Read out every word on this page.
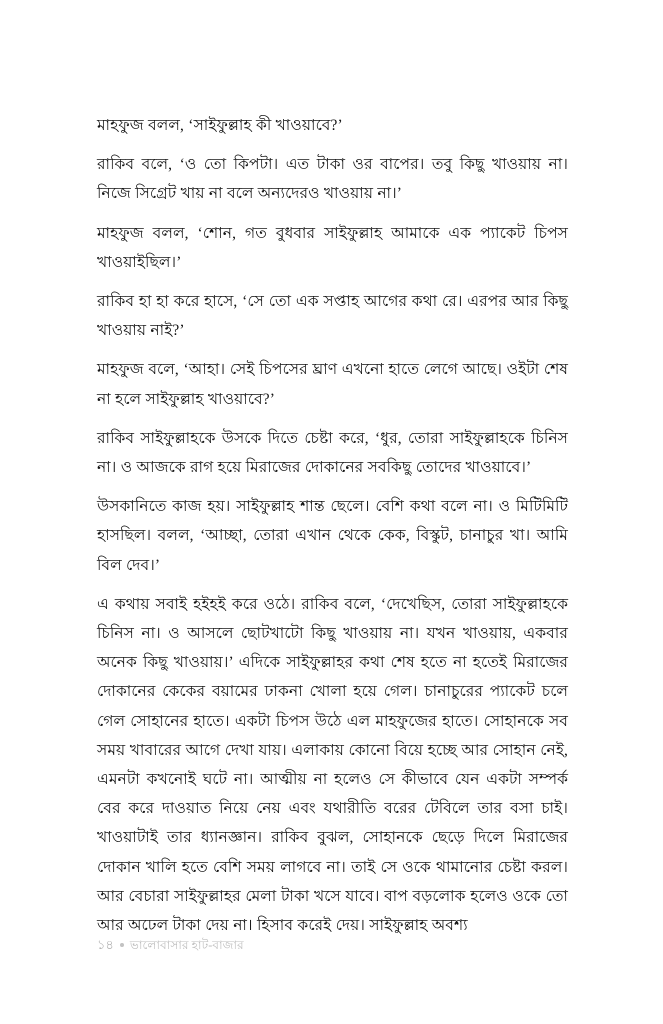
মাহফুজ বলল, ‘সাইফুল্লাহ কী খাওয়াবে?’

রাকিব বলে, ‘ও তো কিপটা। এত টাকা ওর বাপের। তবু কিছু খাওয়ায় না। নিজে সিগ্রেট খায় না বলে অন্যদেরও খাওয়ায় না।’

মাহফুজ বলল, ‘শোন, গত বুধবার সাইফুল্লাহ আমাকে এক প্যাকেট চিপস খাওয়াইছিল।’

রাকিব হা হা করে হাসে, ‘সে তো এক সপ্তাহ আগের কথা রে। এরপর আর কিছু খাওয়ায় নাই?’

মাহফুজ বলে, ‘আহা। সেই চিপসের ঘ্রাণ এখনো হাতে লেগে আছে। ওইটা শেষ না হলে সাইফুল্লাহ খাওয়াবে?’

রাকিব সাইফুল্লাহকে উসকে দিতে চেষ্টা করে, ‘ধুর, তোরা সাইফুল্লাহকে চিনিস না। ও আজকে রাগ হয়ে মিরাজের দোকানের সবকিছু তোদের খাওয়াবে।’

উসকানিতে কাজ হয়। সাইফুল্লাহ শান্ত ছেলে। বেশি কথা বলে না। ও মিটিমিটি হাসছিল। বলল, ‘আচ্ছা, তোরা এখান থেকে কেক, বিস্কুট, চানাচুর খা। আমি বিল দেব।’

এ কথায় সবাই হইহই করে ওঠে। রাকিব বলে, ‘দেখেছিস, তোরা সাইফুল্লাহকে চিনিস না। ও আসলে ছোটখাটো কিছু খাওয়ায় না। যখন খাওয়ায়, একবার অনেক কিছু খাওয়ায়।’ এদিকে সাইফুল্লাহর কথা শেষ হতে না হতেই মিরাজের দোকানের কেকের বয়ামের ঢাকনা খোলা হয়ে গেল। চানাচুরের প্যাকেট চলে গেল সোহানের হাতে। একটা চিপস উঠে এল মাহফুজের হাতে। সোহানকে সব সময় খাবারের আগে দেখা যায়। এলাকায় কোনো বিয়ে হচ্ছে আর সোহান নেই, এমনটা কখনোই ঘটে না। আত্মীয় না হলেও সে কীভাবে যেন একটা সম্পর্ক বের করে দাওয়াত নিয়ে নেয় এবং যথারীতি বরের টেবিলে তার বসা চাই। খাওয়াটাই তার ধ্যানজ্ঞান। রাকিব বুঝল, সোহানকে ছেড়ে দিলে মিরাজের দোকান খালি হতে বেশি সময় লাগবে না। তাই সে ওকে থামানোর চেষ্টা করল। আর বেচারা সাইফুল্লাহর মেলা টাকা খসে যাবে। বাপ বড়লোক হলেও ওকে তো আর অঢেল টাকা দেয় না। হিসাব করেই দেয়। সাইফুল্লাহ অবশ্য

১৪ ভালোবাসার হাট-বাজার
